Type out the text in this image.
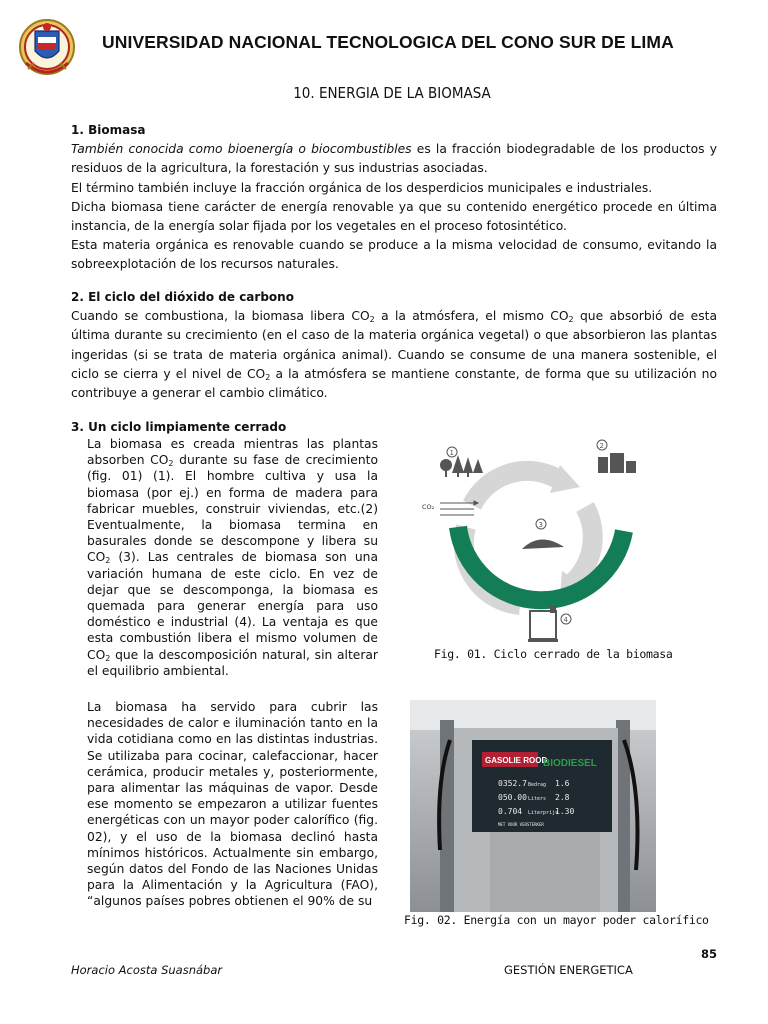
UNIVERSIDAD NACIONAL TECNOLOGICA DEL CONO SUR DE LIMA
10. ENERGIA DE LA BIOMASA

1. Biomasa

También conocida como bioenergía o biocombustibles es la fracción biodegradable de los productos y residuos de la agricultura, la forestación y sus industrias asociadas.

El término también incluye la fracción orgánica de los desperdicios municipales e industriales.

Dicha biomasa tiene carácter de energía renovable ya que su contenido energético procede en última instancia, de la energía solar fijada por los vegetales en el proceso fotosintético.

Esta materia orgánica es renovable cuando se produce a la misma velocidad de consumo, evitando la sobreexplotación de los recursos naturales.

2. El ciclo del dióxido de carbono

Cuando se combustiona, la biomasa libera $CO_2$ a la atmósfera, el mismo $CO_2$ que absorbió de esta última durante su crecimiento (en el caso de la materia orgánica vegetal) o que absorbieron las plantas ingeridas (si se trata de materia orgánica animal). Cuando se consume de una manera sostenible, el ciclo se cierra y el nivel de $CO_2$ a la atmósfera se mantiene constante, de forma que su utilización no contribuye a generar el cambio climático.

3. Un ciclo limpiamente cerrado

La biomasa es creada mientras las plantas absorben $CO_2$ durante su fase de crecimiento (fig. 01) (1). El hombre cultiva y usa la biomasa (por ej.) en forma de madera para fabricar muebles, construir viviendas, etc.(2) Eventualmente, la biomasa termina en basurales donde se descompone y libera su $CO_2$ (3). Las centrales de biomasa son una variación humana de este ciclo. En vez de dejar que se descomponga, la biomasa es quemada para generar energía para uso doméstico e industrial (4). La ventaja es que esta combustión libera el mismo volumen de $CO_2$ que la descomposición natural, sin alterar el equilibrio ambiental.

La biomasa ha servido para cubrir las necesidades de calor e iluminación tanto en la vida cotidiana como en las distintas industrias. Se utilizaba para cocinar, calefaccionar, hacer cerámica, producir metales y, posteriormente, para alimentar las máquinas de vapor. Desde ese momento se empezaron a utilizar fuentes energéticas con un mayor poder calorífico (fig. 02), y el uso de la biomasa declinó hasta mínimos históricos. Actualmente sin embargo, según datos del Fondo de las Naciones Unidas para la Alimentación y la Agricultura (FAO), “algunos países pobres obtienen el 90% de su

1
2
3
4
CO₂
Fig. 01. Ciclo cerrado de la biomasa
GASOLIE ROOD
BIODIESEL
0352.7 Bedrag 1.6
050.00 Liters 2.8
0.704 Literprijs
1.30
MET VOOR VERSTERKER
Fig. 02. Energía con un mayor poder calorífico
85
Horacio Acosta Suasnábar	GESTIÓN ENERGETICA
